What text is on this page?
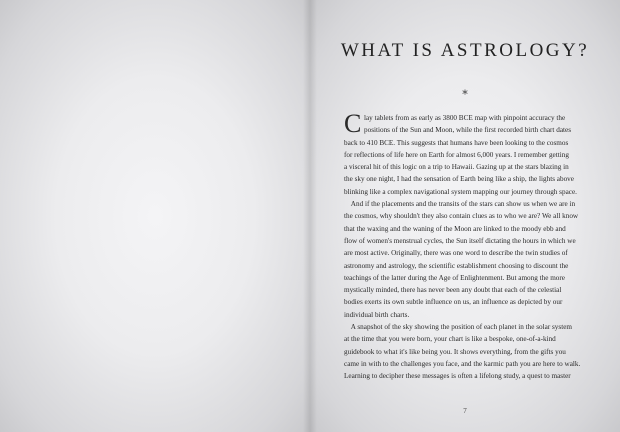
WHAT IS ASTROLOGY?
*
C lay tablets from as early as 3800 BCE map with pinpoint accuracy the
positions of the Sun and Moon, while the first recorded birth chart dates
back to 410 BCE. This suggests that humans have been looking to the cosmos
for reflections of life here on Earth for almost 6,000 years. I remember getting
a visceral hit of this logic on a trip to Hawaii. Gazing up at the stars blazing in
the sky one night, I had the sensation of Earth being like a ship, the lights above
blinking like a complex navigational system mapping our journey through space.
And if the placements and the transits of the stars can show us when we are in
the cosmos, why shouldn't they also contain clues as to who we are? We all know
that the waxing and the waning of the Moon are linked to the moody ebb and
flow of women's menstrual cycles, the Sun itself dictating the hours in which we
are most active. Originally, there was one word to describe the twin studies of
astronomy and astrology, the scientific establishment choosing to discount the
teachings of the latter during the Age of Enlightenment. But among the more
mystically minded, there has never been any doubt that each of the celestial
bodies exerts its own subtle influence on us, an influence as depicted by our
individual birth charts.
A snapshot of the sky showing the position of each planet in the solar system
at the time that you were born, your chart is like a bespoke, one-of-a-kind
guidebook to what it's like being you. It shows everything, from the gifts you
came in with to the challenges you face, and the karmic path you are here to walk.
Learning to decipher these messages is often a lifelong study, a quest to master
7
